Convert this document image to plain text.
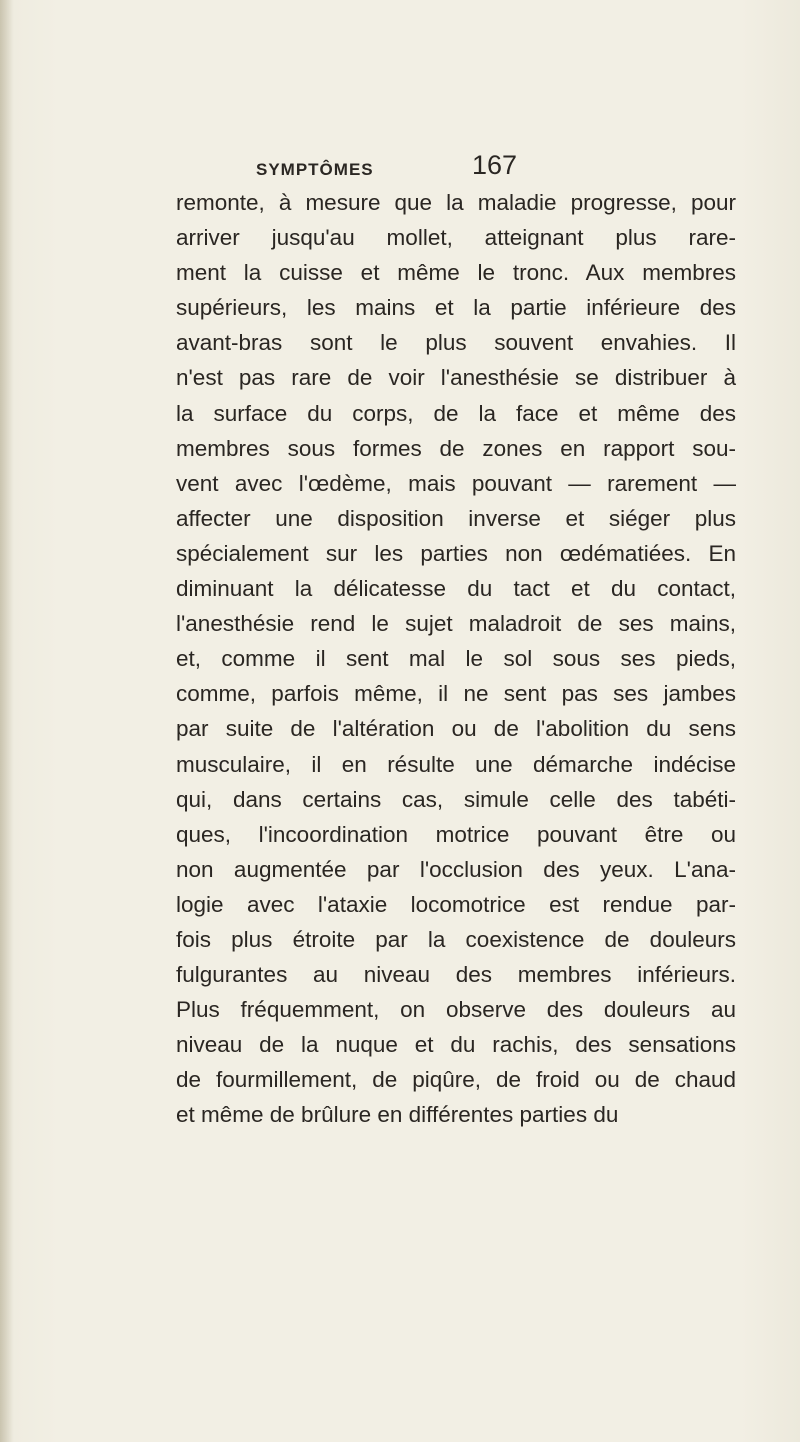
SYMPTÔMES	167
remonte, à mesure que la maladie progresse, pour
arriver jusqu'au mollet, atteignant plus rare-
ment la cuisse et même le tronc. Aux membres
supérieurs, les mains et la partie inférieure des
avant-bras sont le plus souvent envahies. Il
n'est pas rare de voir l'anesthésie se distribuer à
la surface du corps, de la face et même des
membres sous formes de zones en rapport sou-
vent avec l'œdème, mais pouvant — rarement —
affecter une disposition inverse et siéger plus
spécialement sur les parties non œdématiées. En
diminuant la délicatesse du tact et du contact,
l'anesthésie rend le sujet maladroit de ses mains,
et, comme il sent mal le sol sous ses pieds,
comme, parfois même, il ne sent pas ses jambes
par suite de l'altération ou de l'abolition du sens
musculaire, il en résulte une démarche indécise
qui, dans certains cas, simule celle des tabéti-
ques, l'incoordination motrice pouvant être ou
non augmentée par l'occlusion des yeux. L'ana-
logie avec l'ataxie locomotrice est rendue par-
fois plus étroite par la coexistence de douleurs
fulgurantes au niveau des membres inférieurs.
Plus fréquemment, on observe des douleurs au
niveau de la nuque et du rachis, des sensations
de fourmillement, de piqûre, de froid ou de chaud
et même de brûlure en différentes parties du
